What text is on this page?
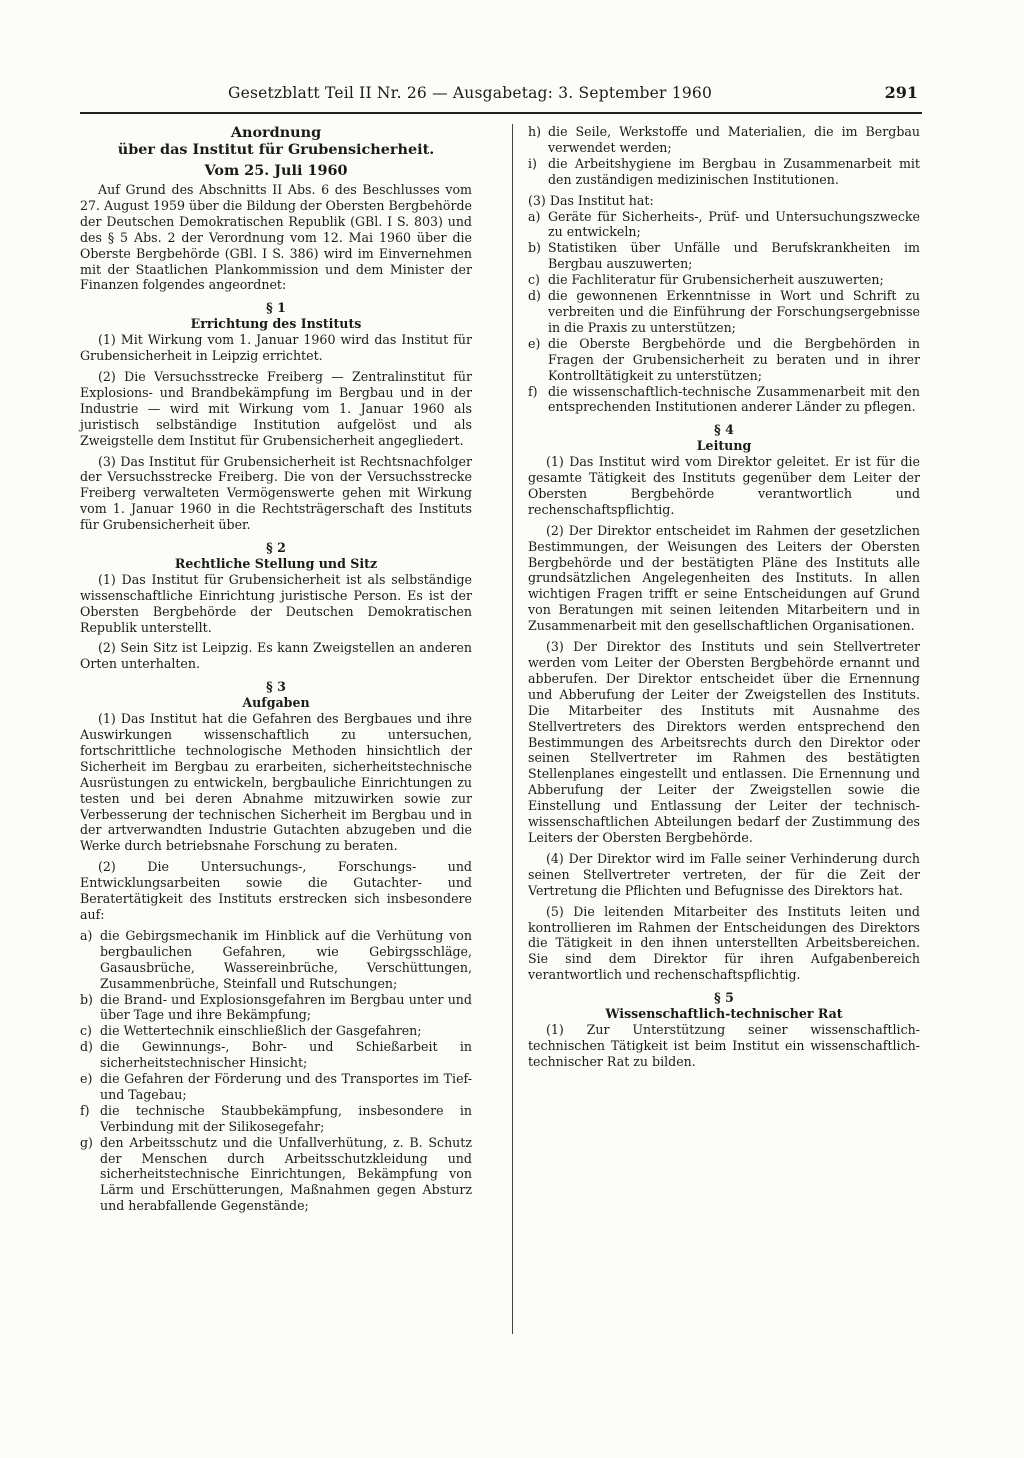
Gesetzblatt Teil II Nr. 26 — Ausgabetag: 3. September 1960	291
Anordnung
über das Institut für Grubensicherheit.
Vom 25. Juli 1960

Auf Grund des Abschnitts II Abs. 6 des Beschlusses vom 27. August 1959 über die Bildung der Obersten Bergbehörde der Deutschen Demokratischen Republik (GBl. I S. 803) und des § 5 Abs. 2 der Verordnung vom 12. Mai 1960 über die Oberste Bergbehörde (GBl. I S. 386) wird im Einvernehmen mit der Staatlichen Plankommission und dem Minister der Finanzen folgendes angeordnet:

§ 1
Errichtung des Instituts

(1) Mit Wirkung vom 1. Januar 1960 wird das Institut für Grubensicherheit in Leipzig errichtet.

(2) Die Versuchsstrecke Freiberg — Zentralinstitut für Explosions- und Brandbekämpfung im Bergbau und in der Industrie — wird mit Wirkung vom 1. Januar 1960 als juristisch selbständige Institution aufgelöst und als Zweigstelle dem Institut für Grubensicherheit angegliedert.

(3) Das Institut für Grubensicherheit ist Rechtsnachfolger der Versuchsstrecke Freiberg. Die von der Versuchsstrecke Freiberg verwalteten Vermögenswerte gehen mit Wirkung vom 1. Januar 1960 in die Rechtsträgerschaft des Instituts für Grubensicherheit über.

§ 2
Rechtliche Stellung und Sitz

(1) Das Institut für Grubensicherheit ist als selbständige wissenschaftliche Einrichtung juristische Person. Es ist der Obersten Bergbehörde der Deutschen Demokratischen Republik unterstellt.

(2) Sein Sitz ist Leipzig. Es kann Zweigstellen an anderen Orten unterhalten.

§ 3
Aufgaben

(1) Das Institut hat die Gefahren des Bergbaues und ihre Auswirkungen wissenschaftlich zu untersuchen, fortschrittliche technologische Methoden hinsichtlich der Sicherheit im Bergbau zu erarbeiten, sicherheitstechnische Ausrüstungen zu entwickeln, bergbauliche Einrichtungen zu testen und bei deren Abnahme mitzuwirken sowie zur Verbesserung der technischen Sicherheit im Bergbau und in der artverwandten Industrie Gutachten abzugeben und die Werke durch betriebsnahe Forschung zu beraten.

(2) Die Untersuchungs-, Forschungs- und Entwicklungsarbeiten sowie die Gutachter- und Beratertätigkeit des Instituts erstrecken sich insbesondere auf:

a) die Gebirgsmechanik im Hinblick auf die Verhütung von bergbaulichen Gefahren, wie Gebirgsschläge, Gasausbrüche, Wassereinbrüche, Verschüttungen, Zusammenbrüche, Steinfall und Rutschungen;
b) die Brand- und Explosionsgefahren im Bergbau unter und über Tage und ihre Bekämpfung;
c) die Wettertechnik einschließlich der Gasgefahren;
d) die Gewinnungs-, Bohr- und Schießarbeit in sicherheitstechnischer Hinsicht;
e) die Gefahren der Förderung und des Transportes im Tief- und Tagebau;
f) die technische Staubbekämpfung, insbesondere in Verbindung mit der Silikosegefahr;
g) den Arbeitsschutz und die Unfallverhütung, z. B. Schutz der Menschen durch Arbeitsschutzkleidung und sicherheitstechnische Einrichtungen, Bekämpfung von Lärm und Erschütterungen, Maßnahmen gegen Absturz und herabfallende Gegenstände;
h) die Seile, Werkstoffe und Materialien, die im Bergbau verwendet werden;
i) die Arbeitshygiene im Bergbau in Zusammenarbeit mit den zuständigen medizinischen Institutionen.

(3) Das Institut hat:

a) Geräte für Sicherheits-, Prüf- und Untersuchungszwecke zu entwickeln;
b) Statistiken über Unfälle und Berufskrankheiten im Bergbau auszuwerten;
c) die Fachliteratur für Grubensicherheit auszuwerten;
d) die gewonnenen Erkenntnisse in Wort und Schrift zu verbreiten und die Einführung der Forschungsergebnisse in die Praxis zu unterstützen;
e) die Oberste Bergbehörde und die Bergbehörden in Fragen der Grubensicherheit zu beraten und in ihrer Kontrolltätigkeit zu unterstützen;
f) die wissenschaftlich-technische Zusammenarbeit mit den entsprechenden Institutionen anderer Länder zu pflegen.
§ 4
Leitung

(1) Das Institut wird vom Direktor geleitet. Er ist für die gesamte Tätigkeit des Instituts gegenüber dem Leiter der Obersten Bergbehörde verantwortlich und rechenschaftspflichtig.

(2) Der Direktor entscheidet im Rahmen der gesetzlichen Bestimmungen, der Weisungen des Leiters der Obersten Bergbehörde und der bestätigten Pläne des Instituts alle grundsätzlichen Angelegenheiten des Instituts. In allen wichtigen Fragen trifft er seine Entscheidungen auf Grund von Beratungen mit seinen leitenden Mitarbeitern und in Zusammenarbeit mit den gesellschaftlichen Organisationen.

(3) Der Direktor des Instituts und sein Stellvertreter werden vom Leiter der Obersten Bergbehörde ernannt und abberufen. Der Direktor entscheidet über die Ernennung und Abberufung der Leiter der Zweigstellen des Instituts. Die Mitarbeiter des Instituts mit Ausnahme des Stellvertreters des Direktors werden entsprechend den Bestimmungen des Arbeitsrechts durch den Direktor oder seinen Stellvertreter im Rahmen des bestätigten Stellenplanes eingestellt und entlassen. Die Ernennung und Abberufung der Leiter der Zweigstellen sowie die Einstellung und Entlassung der Leiter der technisch-wissenschaftlichen Abteilungen bedarf der Zustimmung des Leiters der Obersten Bergbehörde.

(4) Der Direktor wird im Falle seiner Verhinderung durch seinen Stellvertreter vertreten, der für die Zeit der Vertretung die Pflichten und Befugnisse des Direktors hat.

(5) Die leitenden Mitarbeiter des Instituts leiten und kontrollieren im Rahmen der Entscheidungen des Direktors die Tätigkeit in den ihnen unterstellten Arbeitsbereichen. Sie sind dem Direktor für ihren Aufgabenbereich verantwortlich und rechenschaftspflichtig.

§ 5
Wissenschaftlich-technischer Rat

(1) Zur Unterstützung seiner wissenschaftlich-technischen Tätigkeit ist beim Institut ein wissenschaftlich-technischer Rat zu bilden.
